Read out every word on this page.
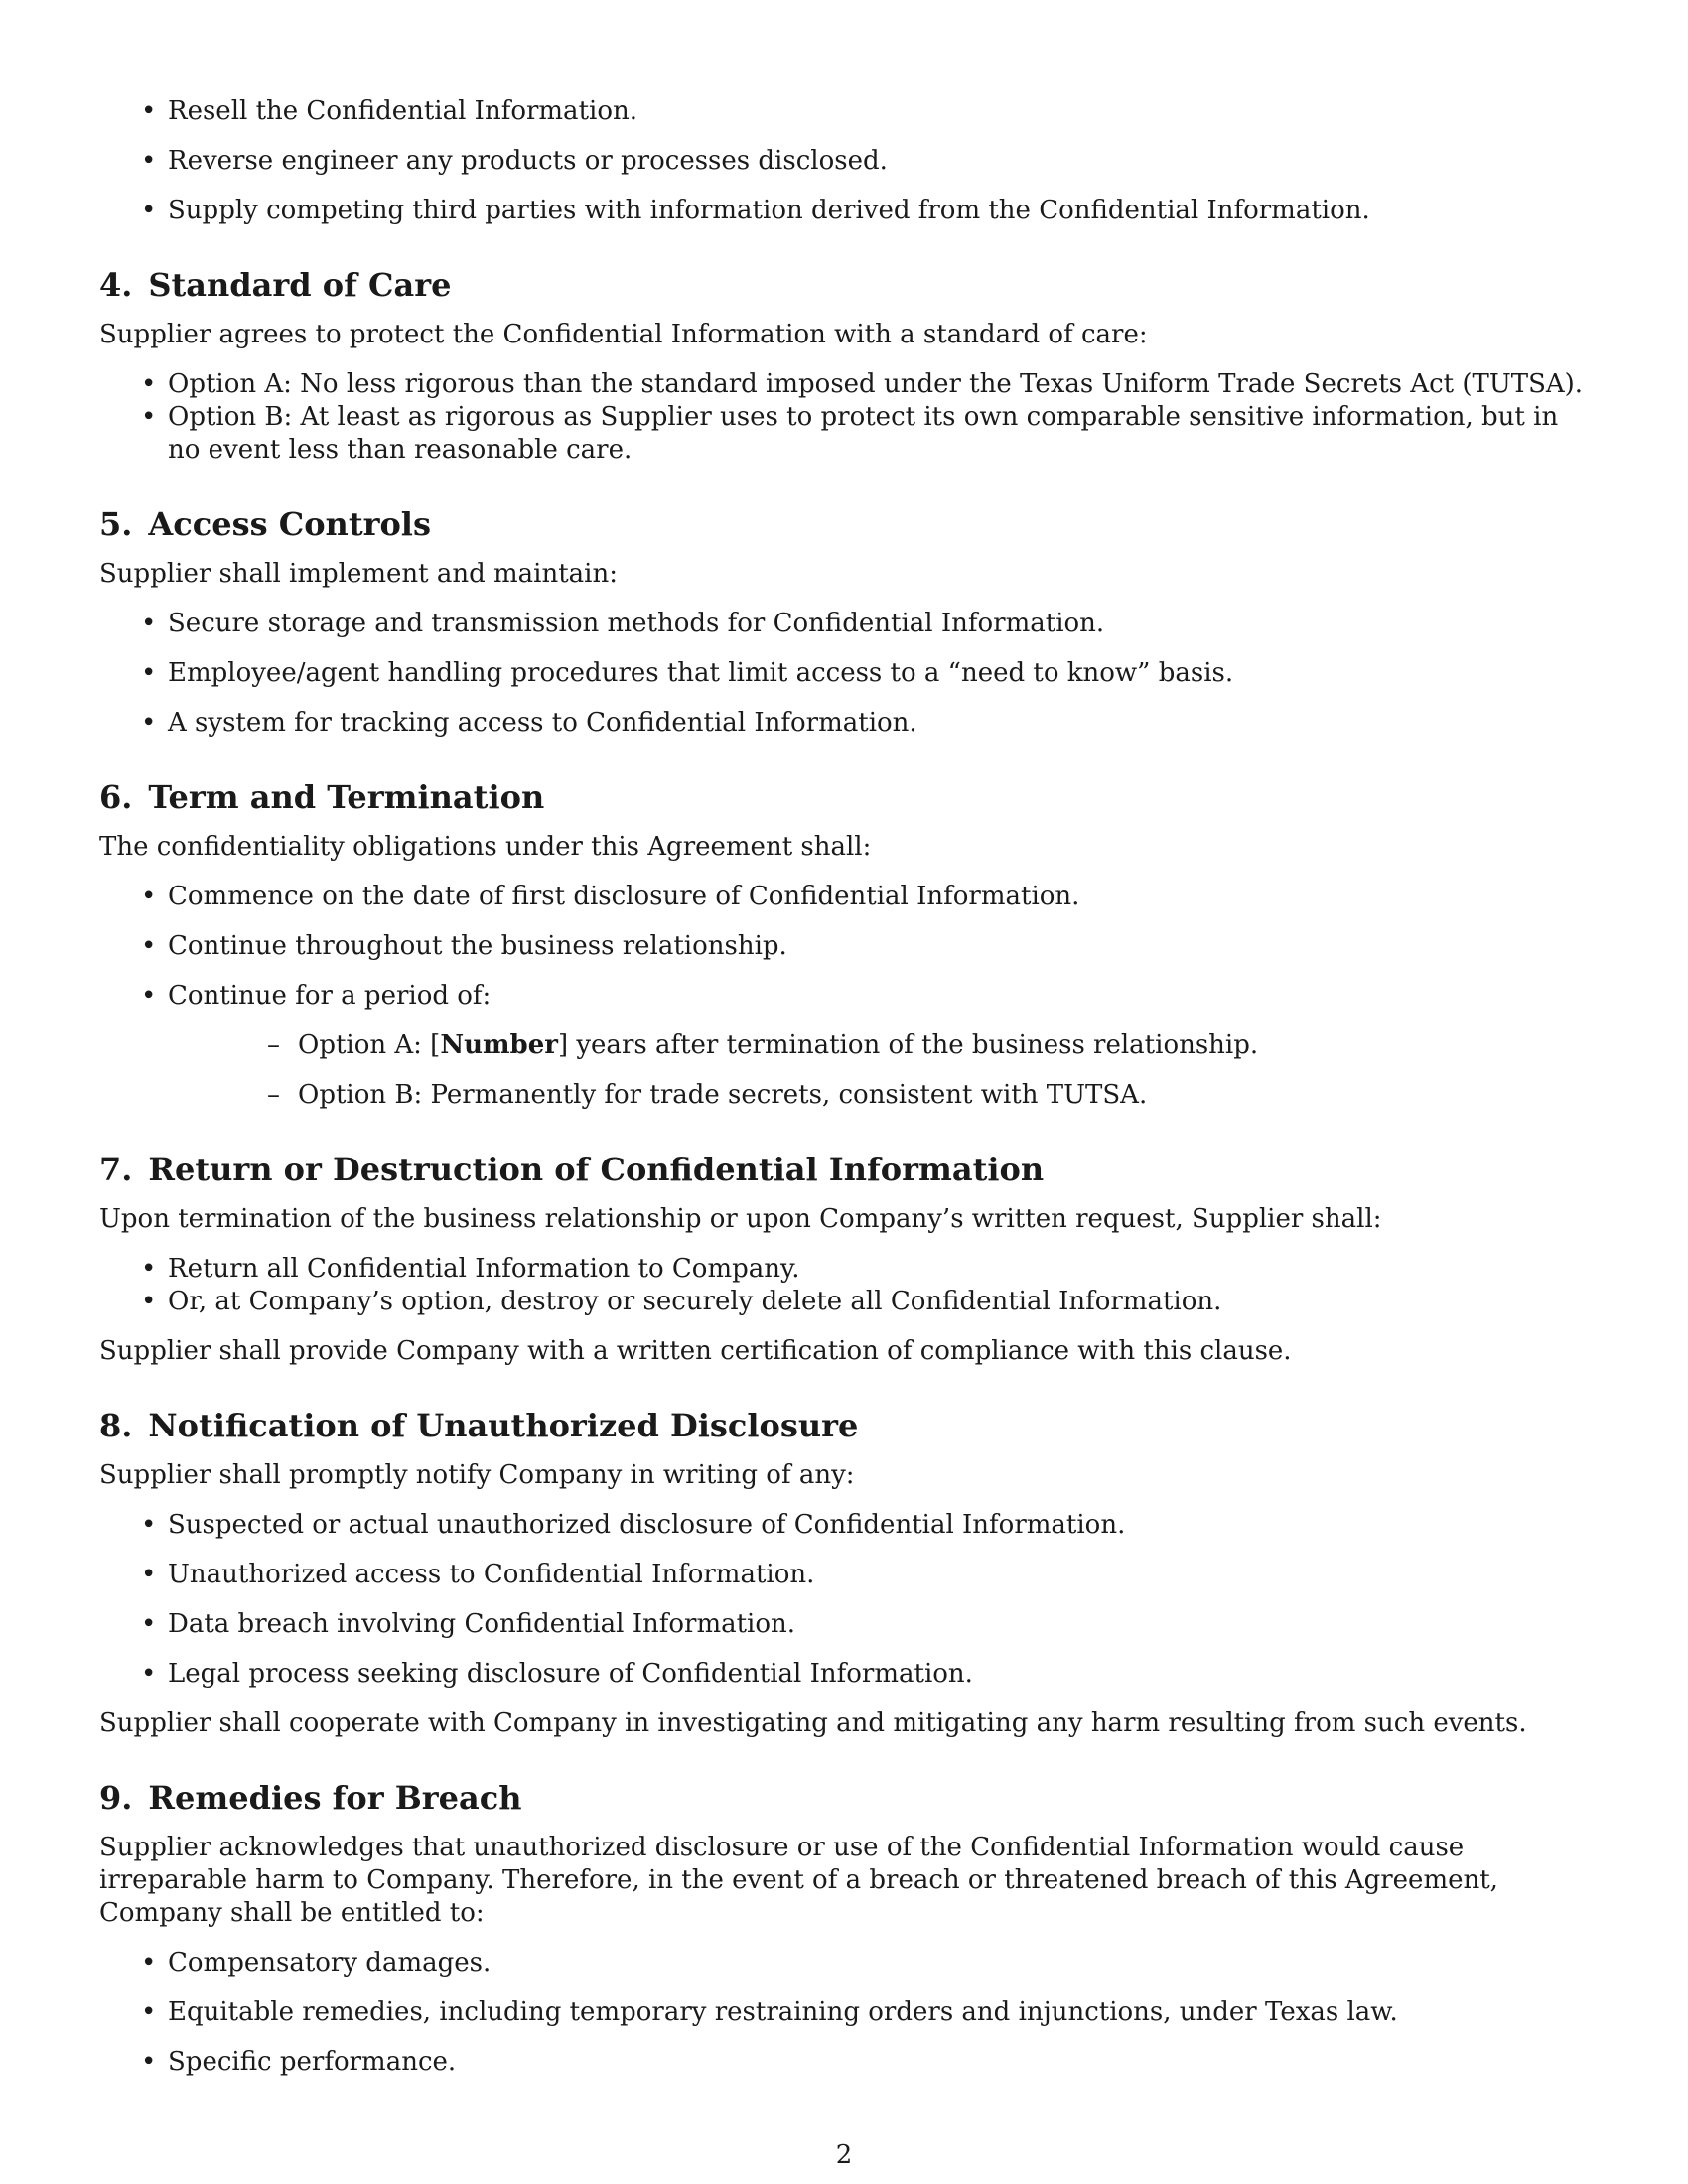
• Resell the Confidential Information.
• Reverse engineer any products or processes disclosed.
• Supply competing third parties with information derived from the Confidential Information.
4. Standard of Care

Supplier agrees to protect the Confidential Information with a standard of care:

• Option A: No less rigorous than the standard imposed under the Texas Uniform Trade Secrets Act (TUTSA).
• Option B: At least as rigorous as Supplier uses to protect its own comparable sensitive information, but in no event less than reasonable care.
5. Access Controls

Supplier shall implement and maintain:

• Secure storage and transmission methods for Confidential Information.
• Employee/agent handling procedures that limit access to a “need to know” basis.
• A system for tracking access to Confidential Information.
6. Term and Termination

The confidentiality obligations under this Agreement shall:

• Commence on the date of first disclosure of Confidential Information.
• Continue throughout the business relationship.
• Continue for a period of:
– Option A: [Number] years after termination of the business relationship.
– Option B: Permanently for trade secrets, consistent with TUTSA.
7. Return or Destruction of Confidential Information

Upon termination of the business relationship or upon Company’s written request, Supplier shall:

• Return all Confidential Information to Company.
• Or, at Company’s option, destroy or securely delete all Confidential Information.

Supplier shall provide Company with a written certification of compliance with this clause.

8. Notification of Unauthorized Disclosure

Supplier shall promptly notify Company in writing of any:

• Suspected or actual unauthorized disclosure of Confidential Information.
• Unauthorized access to Confidential Information.
• Data breach involving Confidential Information.
• Legal process seeking disclosure of Confidential Information.

Supplier shall cooperate with Company in investigating and mitigating any harm resulting from such events.

9. Remedies for Breach

Supplier acknowledges that unauthorized disclosure or use of the Confidential Information would cause irreparable harm to Company. Therefore, in the event of a breach or threatened breach of this Agreement, Company shall be entitled to:

• Compensatory damages.
• Equitable remedies, including temporary restraining orders and injunctions, under Texas law.
• Specific performance.
2
